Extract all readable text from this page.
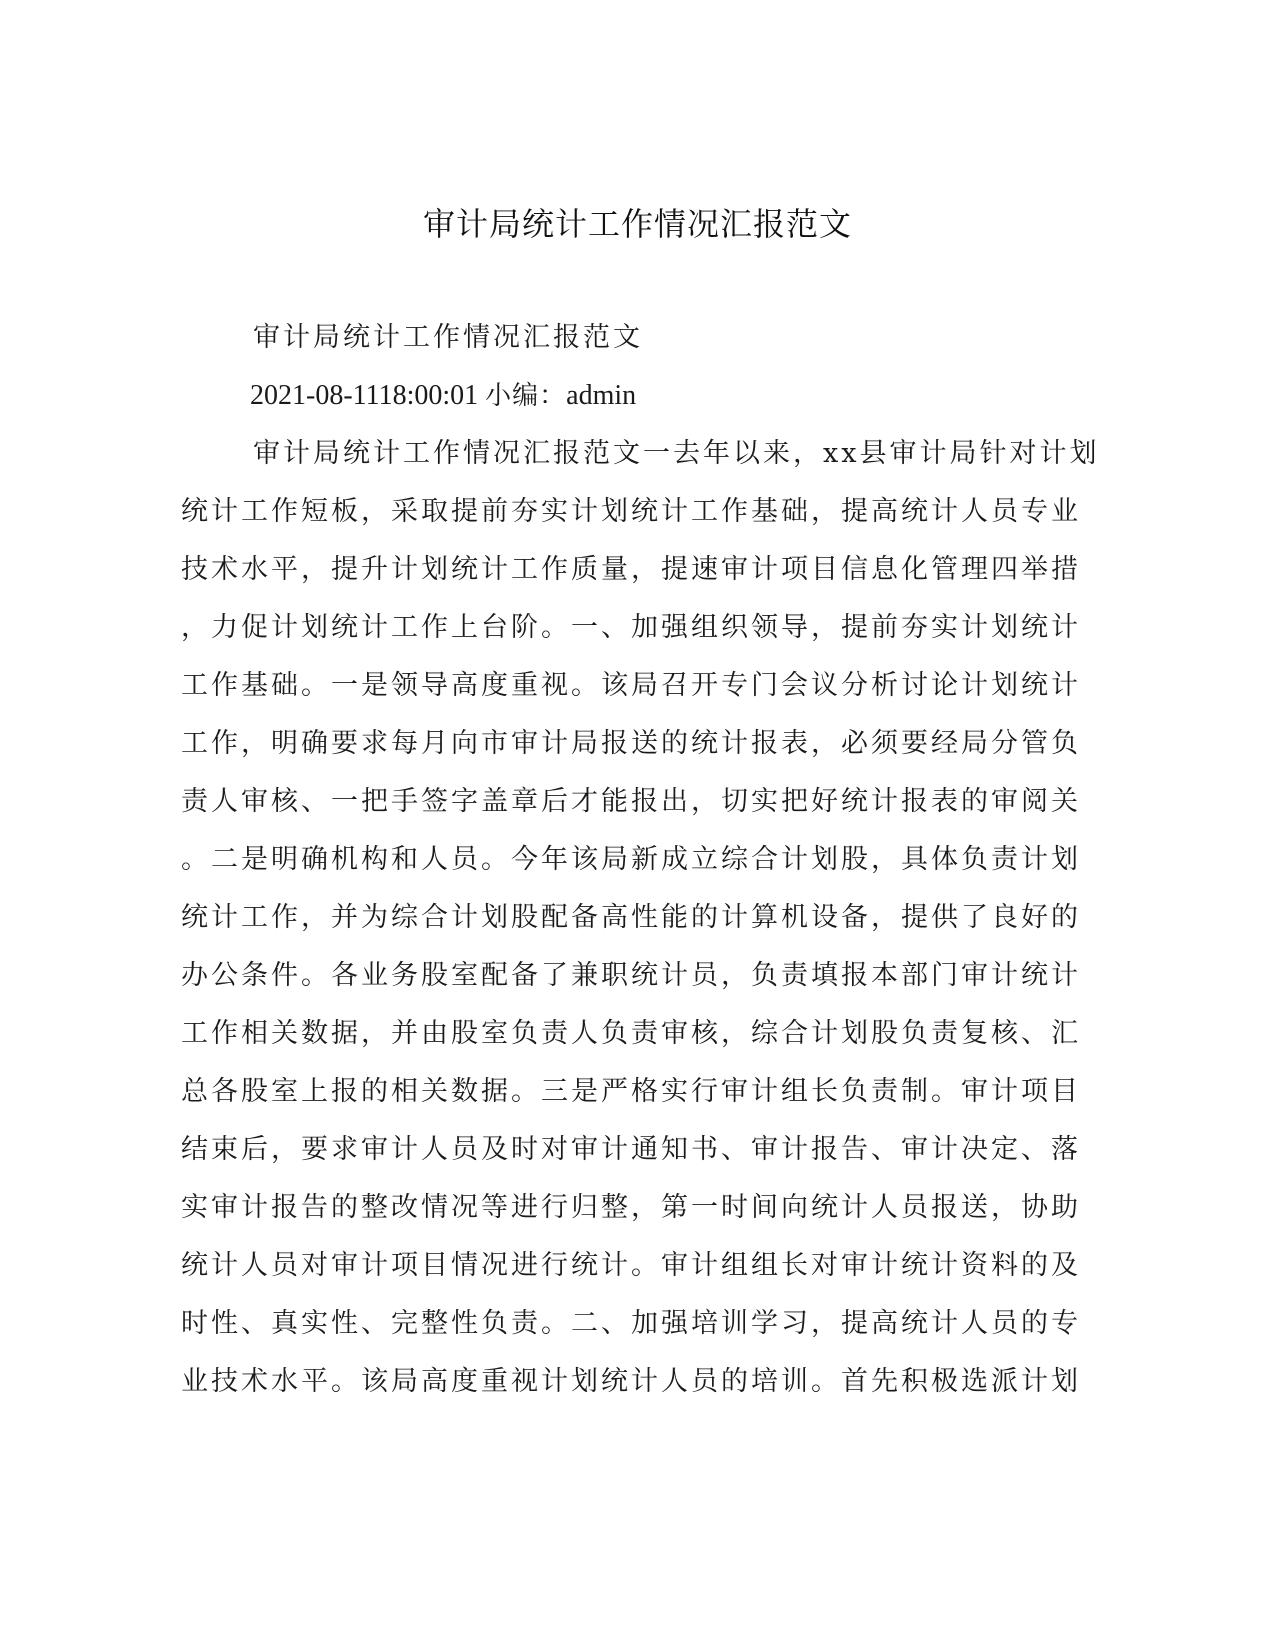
审计局统计工作情况汇报范文
审计局统计工作情况汇报范文
2021-08-1118:00:01 小编：admin
审计局统计工作情况汇报范文一去年以来，xx县审计局针对计划
统计工作短板，采取提前夯实计划统计工作基础，提高统计人员专业
技术水平，提升计划统计工作质量，提速审计项目信息化管理四举措
，力促计划统计工作上台阶。一、加强组织领导，提前夯实计划统计
工作基础。一是领导高度重视。该局召开专门会议分析讨论计划统计
工作，明确要求每月向市审计局报送的统计报表，必须要经局分管负
责人审核、一把手签字盖章后才能报出，切实把好统计报表的审阅关
。二是明确机构和人员。今年该局新成立综合计划股，具体负责计划
统计工作，并为综合计划股配备高性能的计算机设备，提供了良好的
办公条件。各业务股室配备了兼职统计员，负责填报本部门审计统计
工作相关数据，并由股室负责人负责审核，综合计划股负责复核、汇
总各股室上报的相关数据。三是严格实行审计组长负责制。审计项目
结束后，要求审计人员及时对审计通知书、审计报告、审计决定、落
实审计报告的整改情况等进行归整，第一时间向统计人员报送，协助
统计人员对审计项目情况进行统计。审计组组长对审计统计资料的及
时性、真实性、完整性负责。二、加强培训学习，提高统计人员的专
业技术水平。该局高度重视计划统计人员的培训。首先积极选派计划
